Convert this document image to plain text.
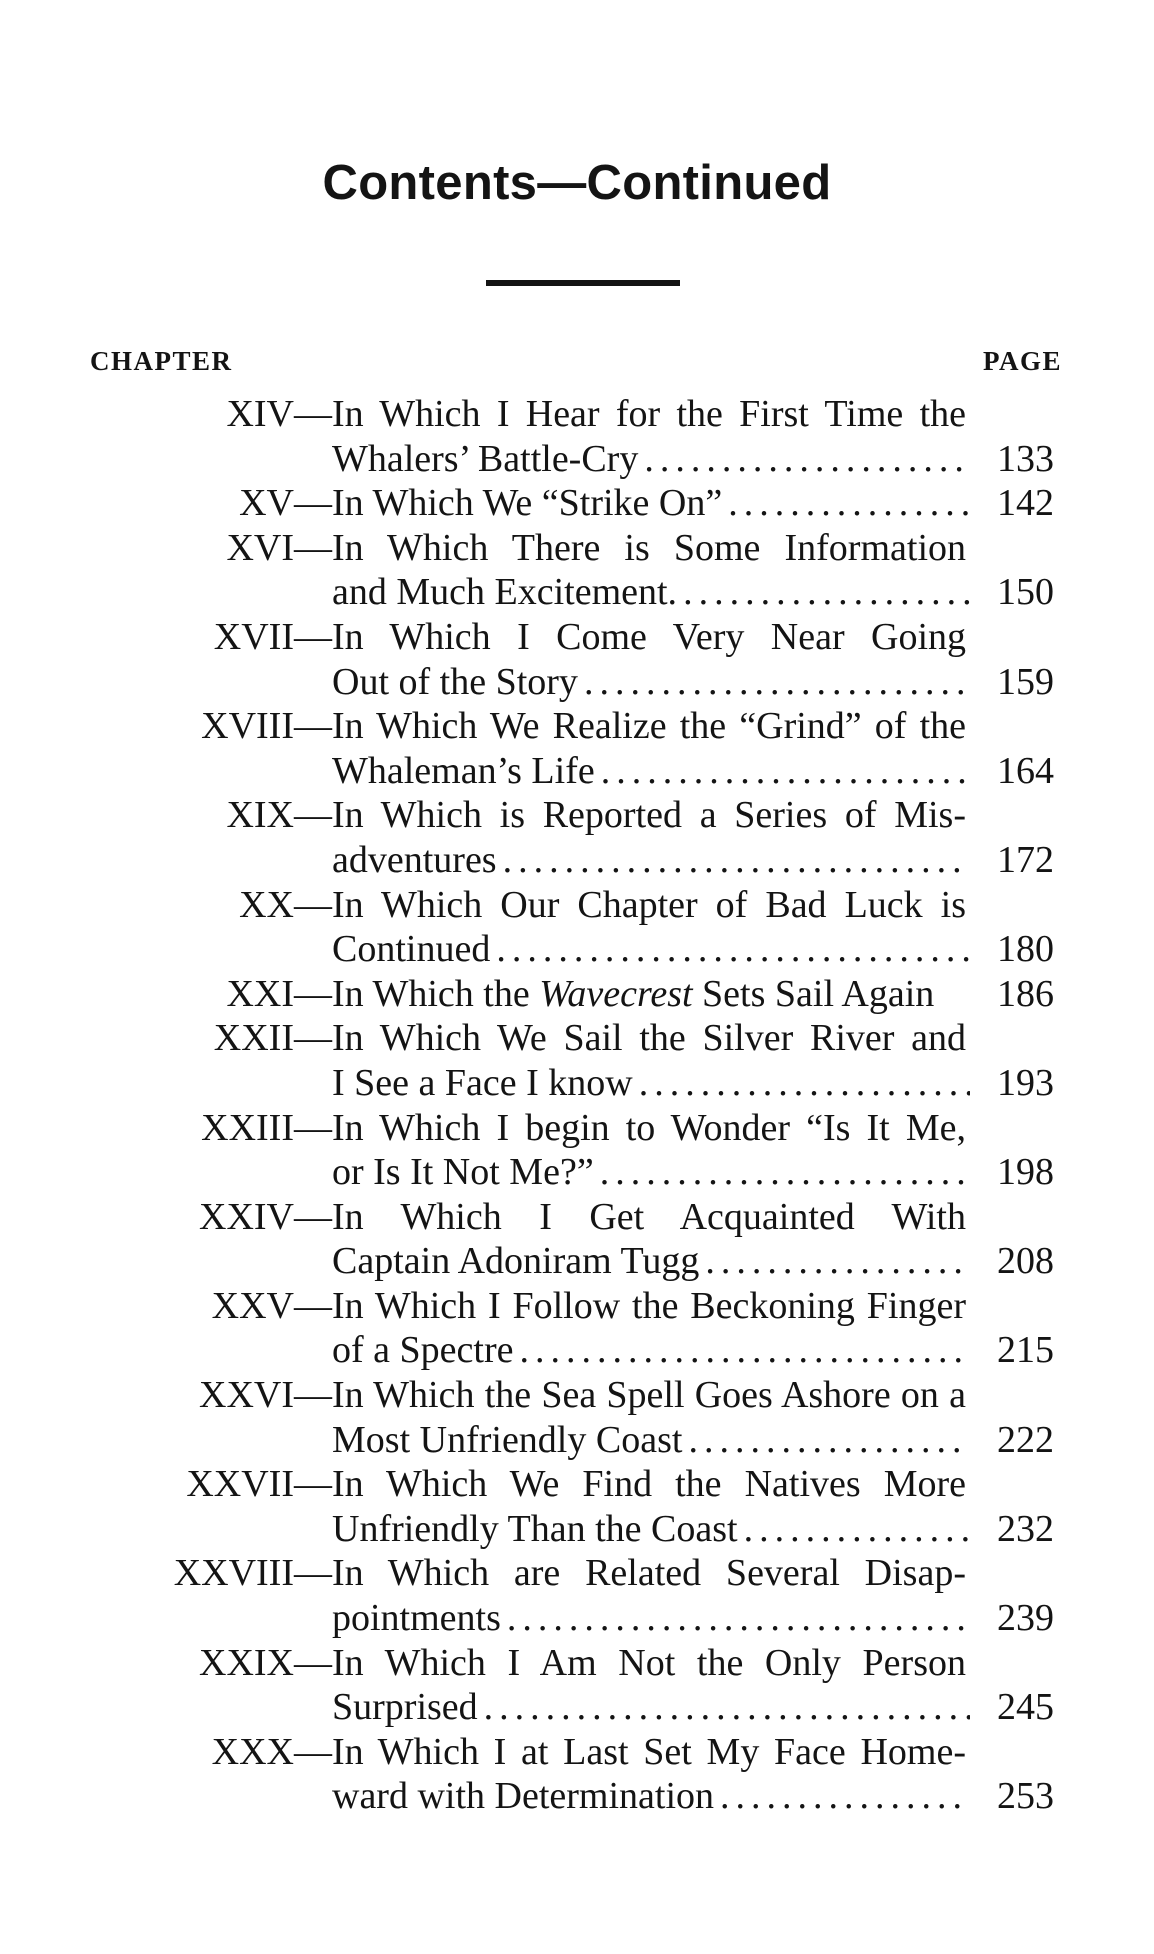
Contents—Continued
CHAPTER	PAGE
XIV— In Which I Hear for the First Time the
Whalers’ Battle-Cry .....	133
XV— In Which We “Strike On” .....	142
XVI— In Which There is Some Information
and Much Excitement. .....	150
XVII— In Which I Come Very Near Going
Out of the Story .....	159
XVIII— In Which We Realize the “Grind” of the
Whaleman’s Life .....	164
XIX— In Which is Reported a Series of Mis-
adventures .....	172
XX— In Which Our Chapter of Bad Luck is
Continued .....	180
XXI— In Which the Wavecrest Sets Sail Again	186
XXII— In Which We Sail the Silver River and
I See a Face I know .....	193
XXIII— In Which I begin to Wonder “Is It Me,
or Is It Not Me?” .....	198
XXIV— In Which I Get Acquainted With
Captain Adoniram Tugg .....	208
XXV— In Which I Follow the Beckoning Finger
of a Spectre .....	215
XXVI— In Which the Sea Spell Goes Ashore on a
Most Unfriendly Coast .....	222
XXVII— In Which We Find the Natives More
Unfriendly Than the Coast .....	232
XXVIII— In Which are Related Several Disap-
pointments .....	239
XXIX— In Which I Am Not the Only Person
Surprised .....	245
XXX— In Which I at Last Set My Face Home-
ward with Determination .....	253
